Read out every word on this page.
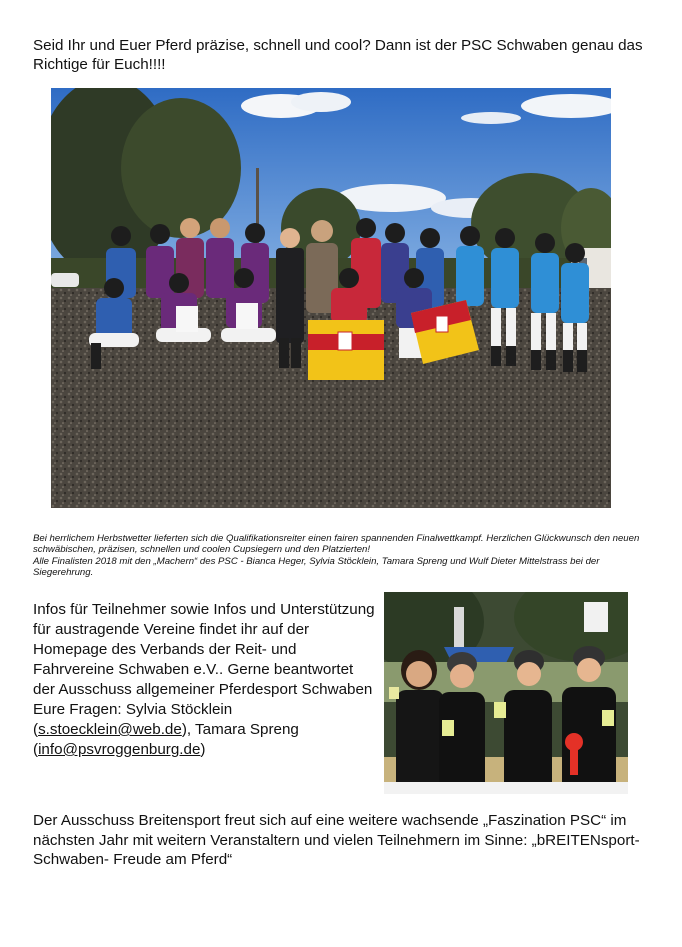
Seid Ihr und Euer Pferd präzise, schnell und cool? Dann ist der PSC Schwaben genau das Richtige für Euch!!!!

Bei herrlichem Herbstwetter lieferten sich die Qualifikationsreiter einen fairen spannenden Finalwettkampf. Herzlichen Glückwunsch den neuen schwäbischen, präzisen, schnellen und coolen Cupsiegern und den Platzierten!

Alle Finalisten 2018 mit den „Machern“ des PSC - Bianca Heger, Sylvia Stöcklein, Tamara Spreng und Wulf Dieter Mittelstrass bei der Siegerehrung.

Infos für Teilnehmer sowie Infos und Unterstützung für austragende Vereine findet ihr auf der Homepage des Verbands der Reit- und Fahrvereine Schwaben e.V.. Gerne beantwortet der Ausschuss allgemeiner Pferdesport Schwaben Eure Fragen: Sylvia Stöcklein (s.stoecklein@web.de), Tamara Spreng (info@psvroggenburg.de)
Der Ausschuss Breitensport freut sich auf eine weitere wachsende „Faszination PSC“ im nächsten Jahr mit weitern Veranstaltern und vielen Teilnehmern im Sinne: „bREITENsport-Schwaben- Freude am Pferd“
